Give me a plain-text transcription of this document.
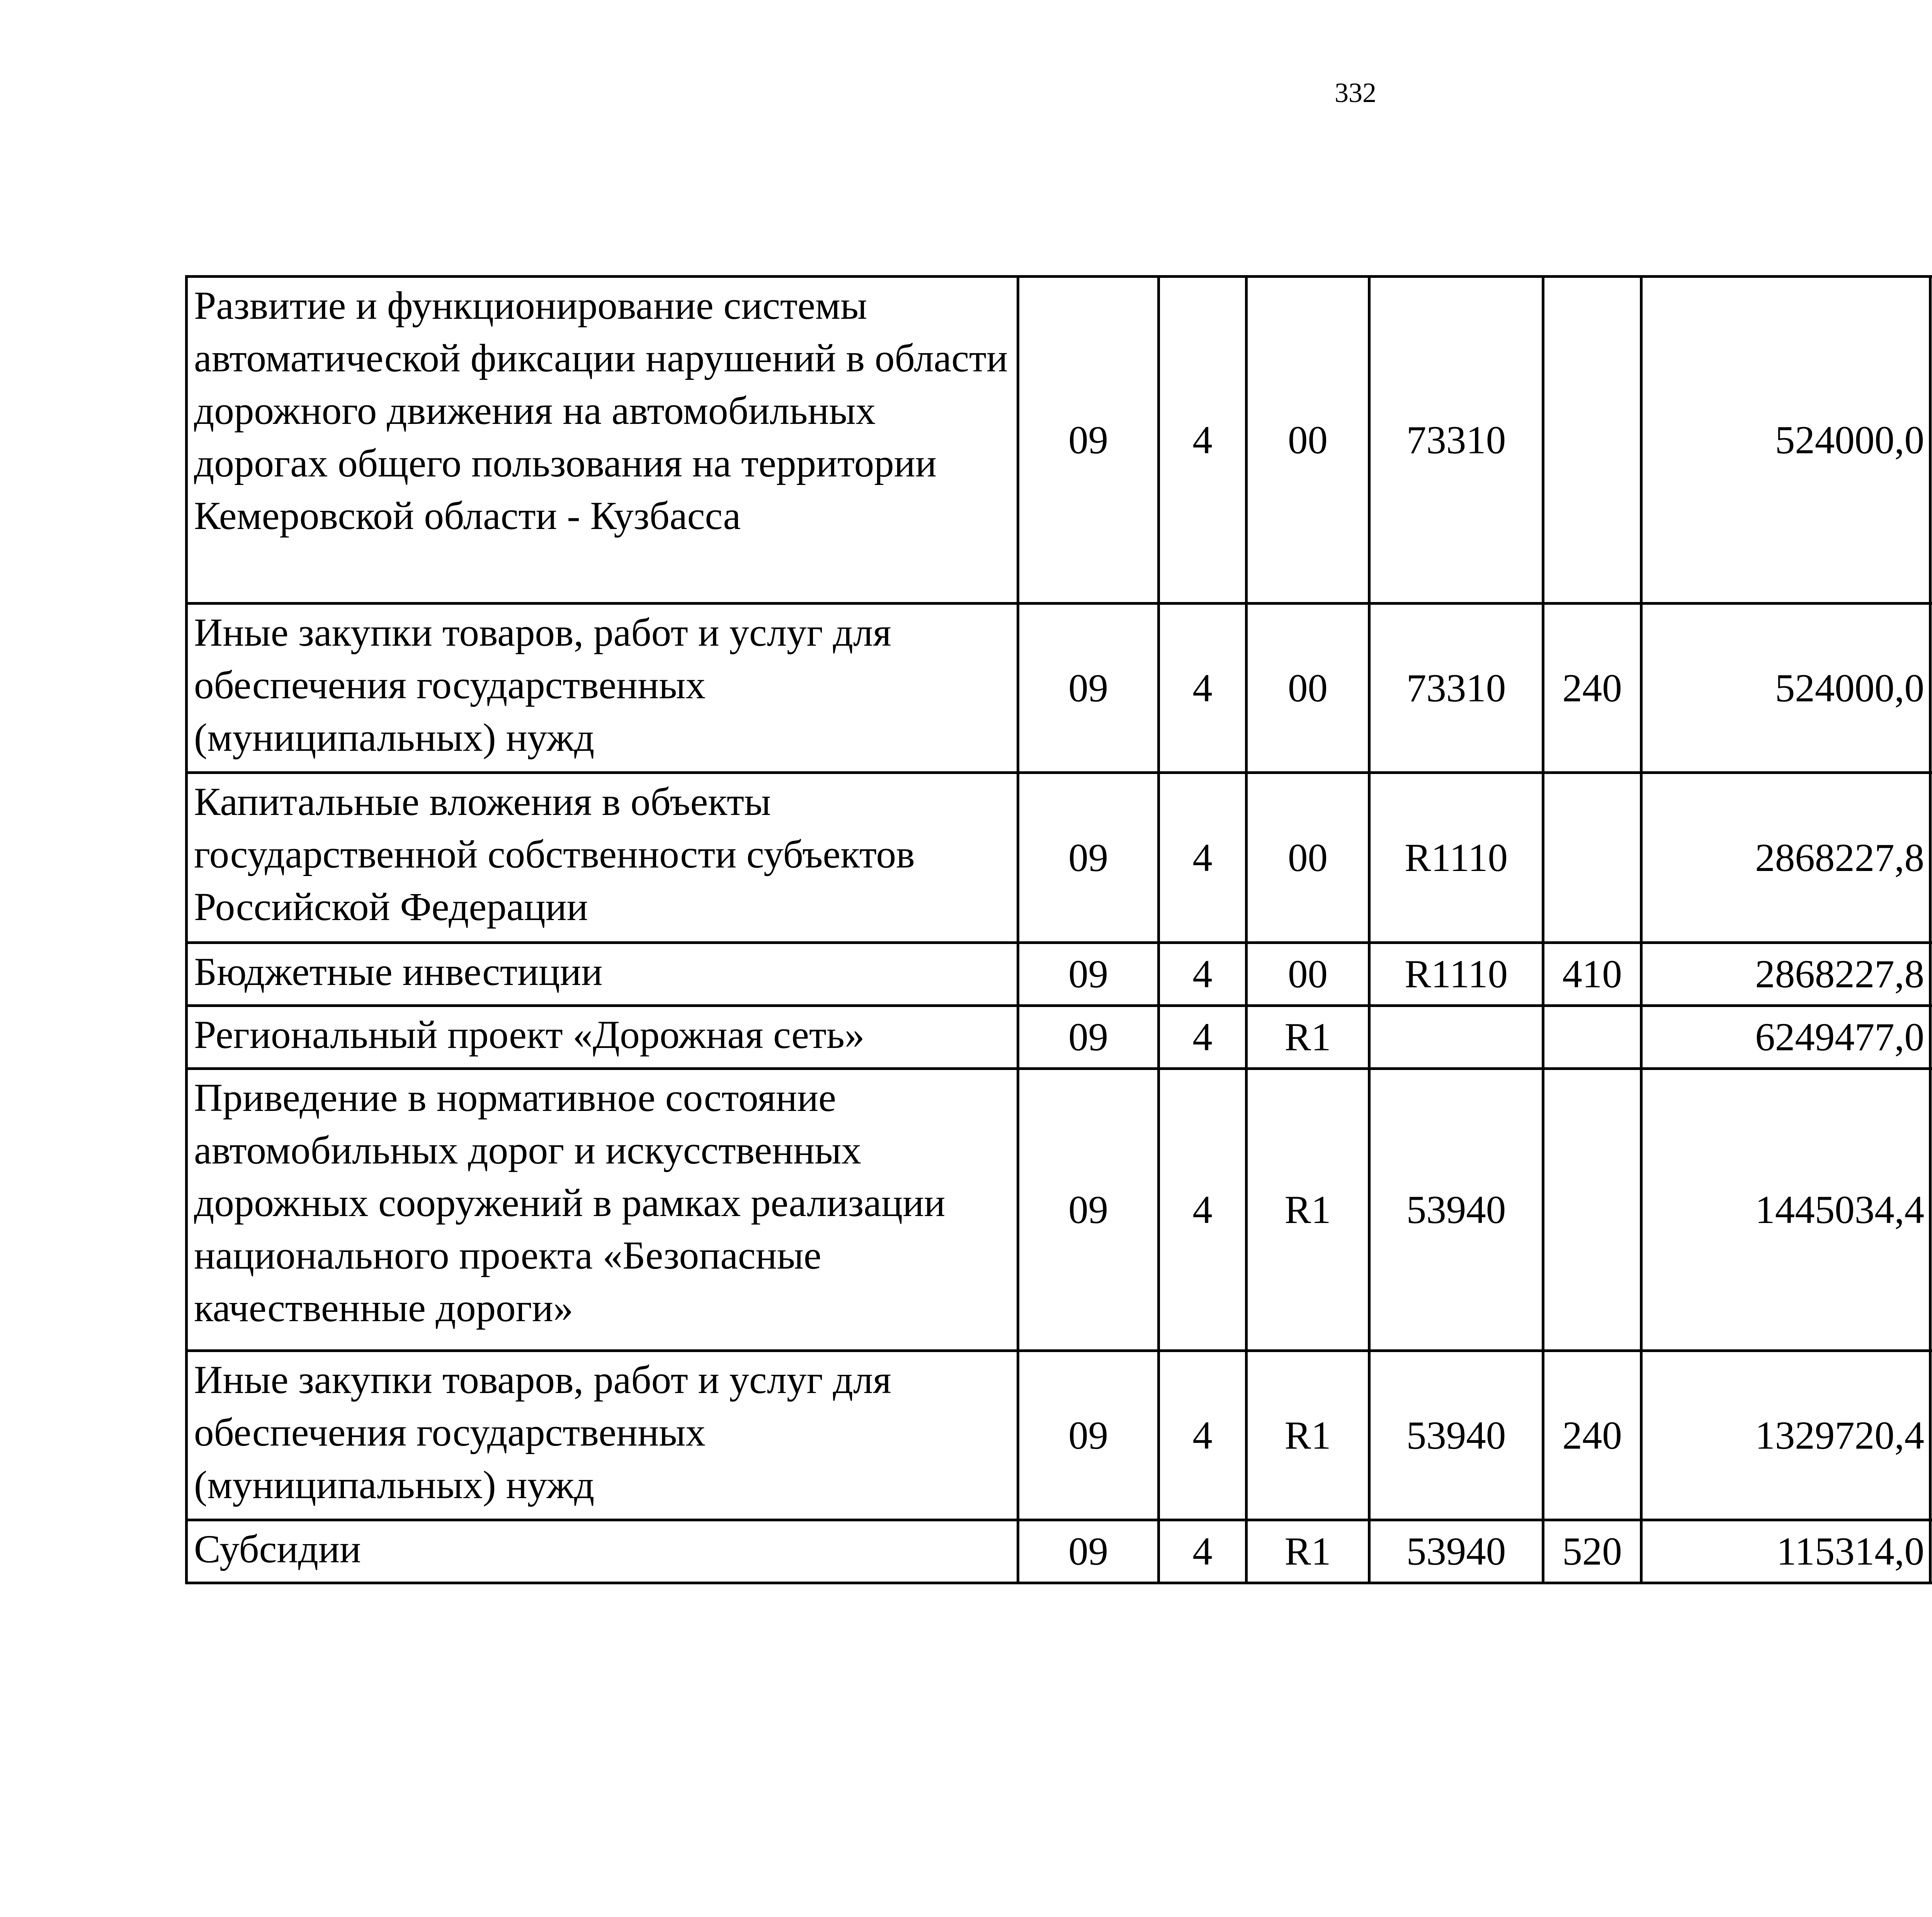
332
Развитие и функционирование системы автоматической фиксации нарушений в области дорожного движения на автомобильных дорогах общего пользования на территории Кемеровской области - Кузбасса	09	4	00	73310		524000,0		
Иные закупки товаров, работ и услуг для обеспечения государственных (муниципальных) нужд	09	4	00	73310	240	524000,0		
Капитальные вложения в объекты государственной собственности субъектов Российской Федерации	09	4	00	R1110		2868227,8		
Бюджетные инвестиции	09	4	00	R1110	410	2868227,8		
Региональный проект «Дорожная сеть»	09	4	R1			6249477,0		
Приведение в нормативное состояние автомобильных дорог и искусственных дорожных сооружений в рамках реализации национального проекта «Безопасные качественные дороги»	09	4	R1	53940		1445034,4		
Иные закупки товаров, работ и услуг для обеспечения государственных (муниципальных) нужд	09	4	R1	53940	240	1329720,4		
Субсидии	09	4	R1	53940	520	115314,0		
